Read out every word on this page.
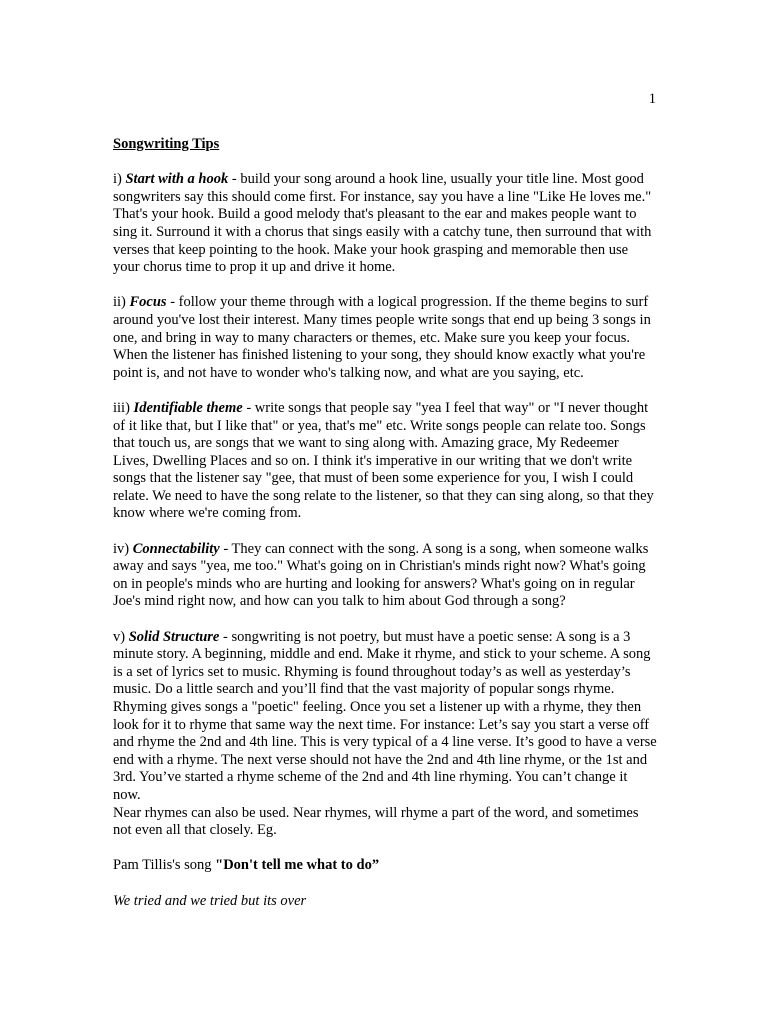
1

Songwriting Tips

i) Start with a hook - build your song around a hook line, usually your title line. Most good songwriters say this should come first. For instance, say you have a line "Like He loves me." That's your hook. Build a good melody that's pleasant to the ear and makes people want to sing it. Surround it with a chorus that sings easily with a catchy tune, then surround that with verses that keep pointing to the hook. Make your hook grasping and memorable then use your chorus time to prop it up and drive it home.

ii) Focus - follow your theme through with a logical progression. If the theme begins to surf around you've lost their interest. Many times people write songs that end up being 3 songs in one, and bring in way to many characters or themes, etc. Make sure you keep your focus. When the listener has finished listening to your song, they should know exactly what you're point is, and not have to wonder who's talking now, and what are you saying, etc.

iii) Identifiable theme - write songs that people say "yea I feel that way" or "I never thought of it like that, but I like that" or yea, that's me" etc. Write songs people can relate too. Songs that touch us, are songs that we want to sing along with. Amazing grace, My Redeemer Lives, Dwelling Places and so on. I think it's imperative in our writing that we don't write songs that the listener say "gee, that must of been some experience for you, I wish I could relate. We need to have the song relate to the listener, so that they can sing along, so that they know where we're coming from.

iv) Connectability - They can connect with the song. A song is a song, when someone walks away and says "yea, me too." What's going on in Christian's minds right now? What's going on in people's minds who are hurting and looking for answers? What's going on in regular Joe's mind right now, and how can you talk to him about God through a song?

v) Solid Structure - songwriting is not poetry, but must have a poetic sense: A song is a 3 minute story. A beginning, middle and end. Make it rhyme, and stick to your scheme. A song is a set of lyrics set to music. Rhyming is found throughout today’s as well as yesterday’s music. Do a little search and you’ll find that the vast majority of popular songs rhyme. Rhyming gives songs a "poetic" feeling. Once you set a listener up with a rhyme, they then look for it to rhyme that same way the next time. For instance: Let’s say you start a verse off and rhyme the 2nd and 4th line. This is very typical of a 4 line verse. It’s good to have a verse end with a rhyme. The next verse should not have the 2nd and 4th line rhyme, or the 1st and 3rd. You’ve started a rhyme scheme of the 2nd and 4th line rhyming. You can’t change it now.
Near rhymes can also be used. Near rhymes, will rhyme a part of the word, and sometimes not even all that closely. Eg.

Pam Tillis's song "Don't tell me what to do”

We tried and we tried but its over
